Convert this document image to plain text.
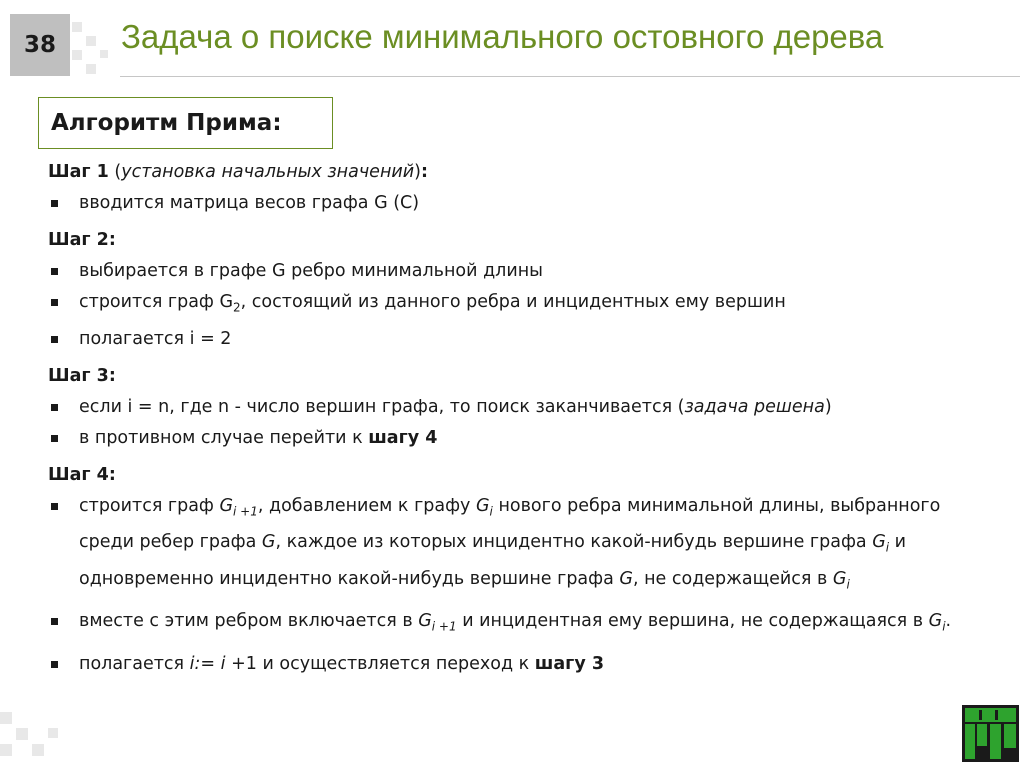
38	Задача о поиске минимального остовного дерева
Алгоритм Прима:
Шаг 1 (установка начальных значений):
вводится матрица весов графа G (C)
Шаг 2:
выбирается в графе G ребро минимальной длины
строится граф $G_2$, состоящий из данного ребра и инцидентных ему вершин
полагается i = 2
Шаг 3:
если i = n, где n - число вершин графа, то поиск заканчивается (задача решена)
в противном случае перейти к шагу 4
Шаг 4:
строится граф $G_{i +1}$, добавлением к графу $G_i$ нового ребра минимальной длины, выбранного среди ребер графа G, каждое из которых инцидентно какой-нибудь вершине графа $G_i$ и одновременно инцидентно какой-нибудь вершине графа G, не содержащейся в $G_i$
вместе с этим ребром включается в $G_{i +1}$ и инцидентная ему вершина, не содержащаяся в $G_i$.
полагается i:= i +1 и осуществляется переход к шагу 3
